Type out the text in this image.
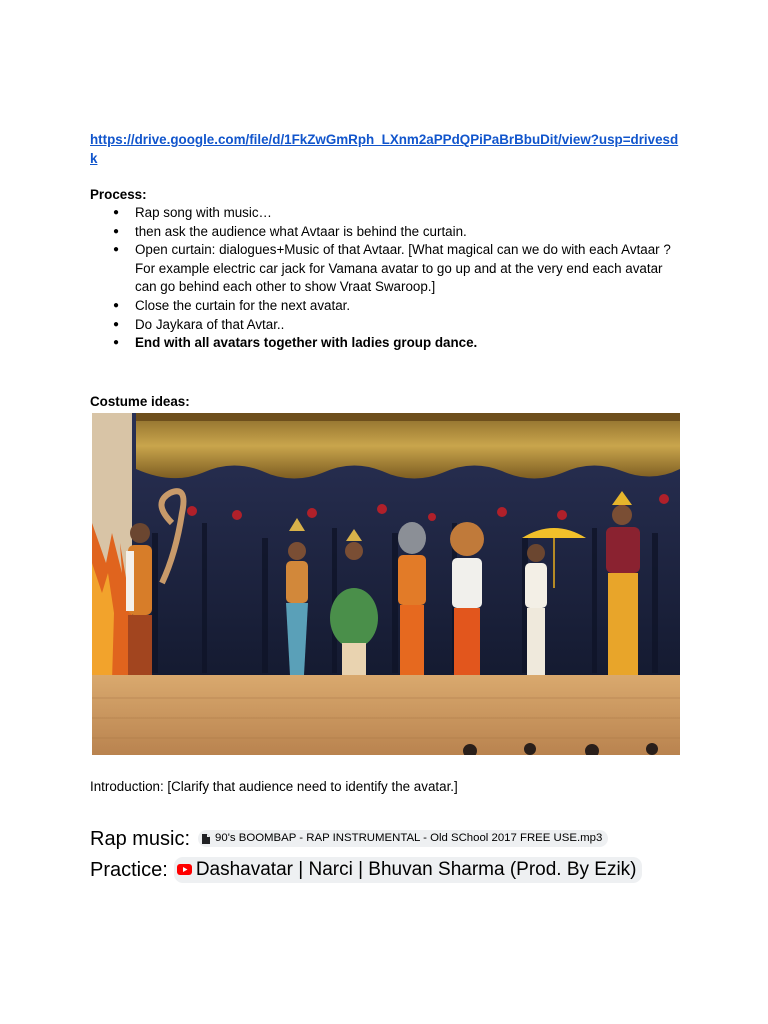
https://drive.google.com/file/d/1FkZwGmRph_LXnm2aPPdQPiPaBrBbuDit/view?usp=drivesdk

Process:

● Rap song with music…
● then ask the audience what Avtaar is behind the curtain.
● Open curtain: dialogues+Music of that Avtaar. [What magical can we do with each Avtaar ? For example electric car jack for Vamana avatar to go up and at the very end each avatar can go behind each other to show Vraat Swaroop.]
● Close the curtain for the next avatar.
● Do Jaykara of that Avtar..
● End with all avatars together with ladies group dance.

Costume ideas:

Introduction: [Clarify that audience need to identify the avatar.]

Rap music: 90's BOOMBAP - RAP INSTRUMENTAL - Old SChool 2017 FREE USE.mp3
Practice: Dashavatar | Narci | Bhuvan Sharma (Prod. By Ezik)
